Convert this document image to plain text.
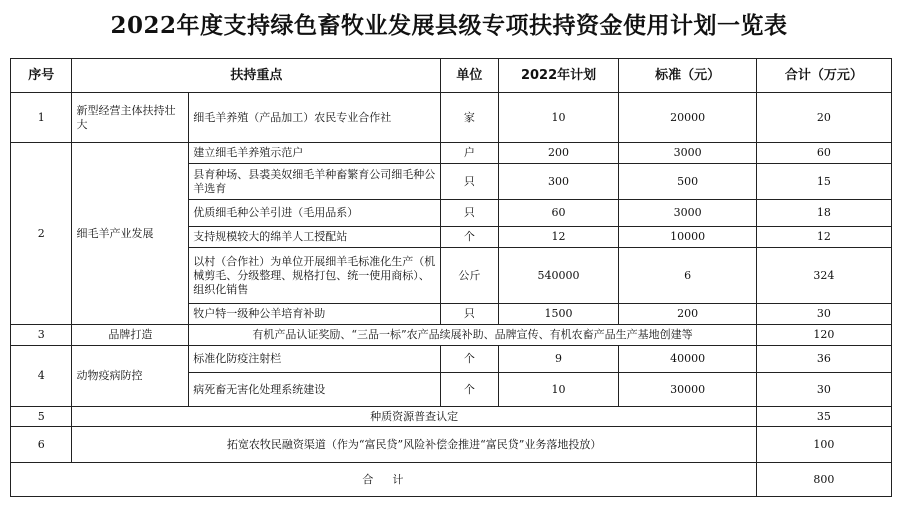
2022年度支持绿色畜牧业发展县级专项扶持资金使用计划一览表
序号	扶持重点		单位	2022年计划	标准（元）	合计（万元）
1	新型经营主体扶持壮大	细毛羊养殖（产品加工）农民专业合作社	家	10	20000	20
2	细毛羊产业发展	建立细毛羊养殖示范户	户	200	3000	60
		县育种场、县裘美奴细毛羊种畜繁育公司细毛种公羊选育	只	300	500	15
		优质细毛种公羊引进（毛用品系）	只	60	3000	18
		支持规模较大的绵羊人工授配站	个	12	10000	12
		以村（合作社）为单位开展细羊毛标准化生产（机械剪毛、分级整理、规格打包、统一使用商标）、组织化销售	公斤	540000	6	324
		牧户特一级种公羊培育补助	只	1500	200	30
3	品牌打造	有机产品认证奖励、“三品一标”农产品续展补助、品牌宣传、有机农畜产品生产基地创建等				120
4	动物疫病防控	标准化防疫注射栏	个	9	40000	36
		病死畜无害化处理系统建设	个	10	30000	30
5	种质资源普查认定					35
6	拓宽农牧民融资渠道（作为“富民贷”风险补偿金推进“富民贷”业务落地投放）					100
合    计						800
